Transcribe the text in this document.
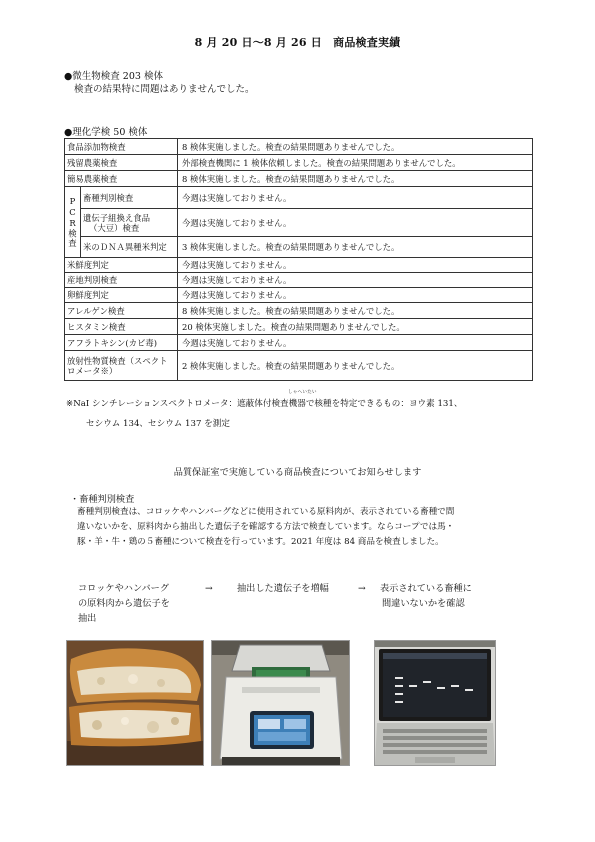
8 月 20 日〜8 月 26 日　商品検査実績
●微生物検査 203 検体
検査の結果特に問題はありませんでした。
●理化学検 50 検体
食品添加物検査		8 検体実施しました。検査の結果問題ありませんでした。
残留農薬検査		外部検査機関に 1 検体依頼しました。検査の結果問題ありませんでした。
簡易農薬検査		8 検体実施しました。検査の結果問題ありませんでした。
PCR検査	畜種判別検査	今週は実施しておりません。

	遺伝子組換え食品
（大豆）検査	今週は実施しておりません。
	米のＤＮＡ異種米判定	3 検体実施しました。検査の結果問題ありませんでした。
米鮮度判定		今週は実施しておりません。
産地判別検査		今週は実施しておりません。
卵鮮度判定		今週は実施しておりません。
アレルゲン検査		8 検体実施しました。検査の結果問題ありませんでした。
ヒスタミン検査		20 検体実施しました。検査の結果問題ありませんでした。
アフラトキシン(カビ毒)		今週は実施しておりません。

放射性物質検査（スペクト
ロメータ※）		2 検体実施しました。検査の結果問題ありませんでした。
しゃへいたい
※NaI シンチレーションスペクトロメータ：遮蔽体付検査機器で核種を特定できるもの：ヨウ素 131、
セシウム 134、セシウム 137 を測定
品質保証室で実施している商品検査についてお知らせします
・畜種判別検査
畜種判別検査は、コロッケやハンバーグなどに使用されている原料肉が、表示されている畜種で間
違いないかを、原料肉から抽出した遺伝子を確認する方法で検査しています。ならコープでは馬・
豚・羊・牛・鶏の５畜種について検査を行っています。2021 年度は 84 商品を検査しました。
コロッケやハンバーグ
の原料肉から遺伝子を
抽出
→	抽出した遺伝子を増幅	→ 表示されている畜種に
間違いないかを確認
